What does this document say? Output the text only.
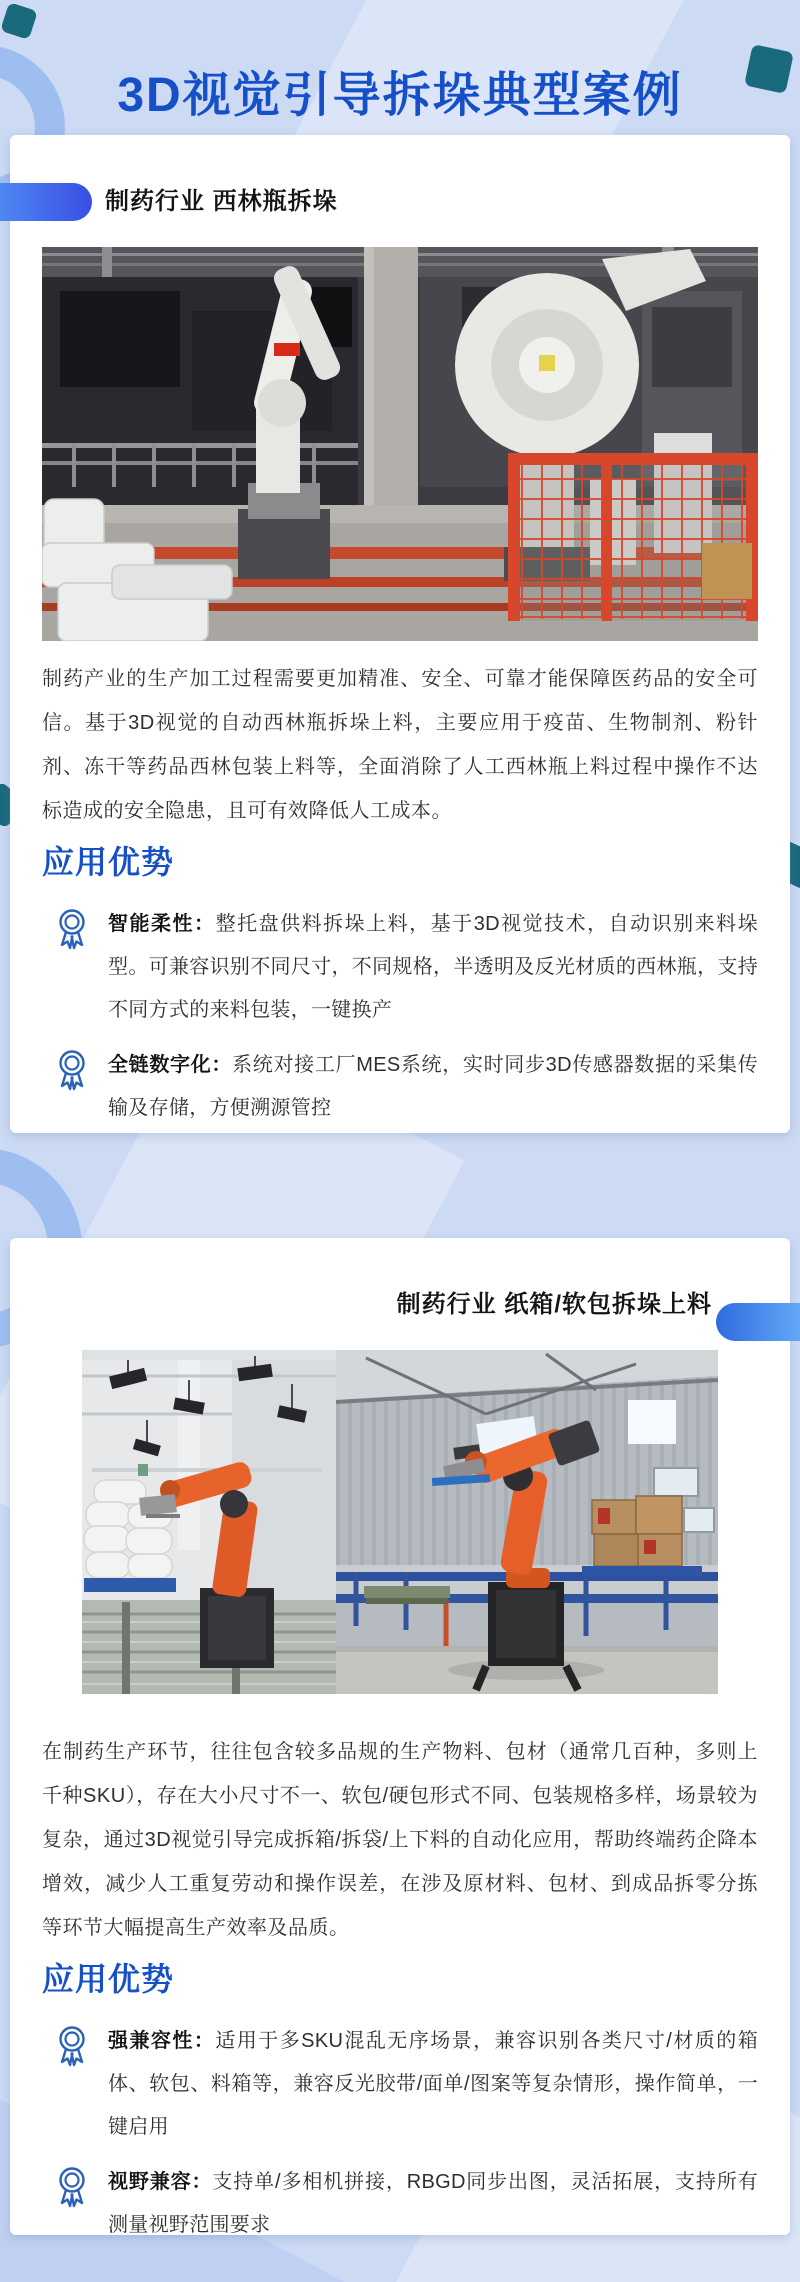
3D视觉引导拆垛典型案例
制药行业 西林瓶拆垛

制药产业的生产加工过程需要更加精准、安全、可靠才能保障医药品的安全可信。基于3D视觉的自动西林瓶拆垛上料，主要应用于疫苗、生物制剂、粉针剂、冻干等药品西林包装上料等，全面消除了人工西林瓶上料过程中操作不达标造成的安全隐患，且可有效降低人工成本。

应用优势

智能柔性：整托盘供料拆垛上料，基于3D视觉技术，自动识别来料垛型。可兼容识别不同尺寸，不同规格，半透明及反光材质的西林瓶，支持不同方式的来料包装，一键换产

全链数字化：系统对接工厂MES系统，实时同步3D传感器数据的采集传输及存储，方便溯源管控

制药行业 纸箱/软包拆垛上料

在制药生产环节，往往包含较多品规的生产物料、包材（通常几百种，多则上千种SKU），存在大小尺寸不一、软包/硬包形式不同、包装规格多样，场景较为复杂，通过3D视觉引导完成拆箱/拆袋/上下料的自动化应用，帮助终端药企降本增效，减少人工重复劳动和操作误差，在涉及原材料、包材、到成品拆零分拣等环节大幅提高生产效率及品质。

应用优势

强兼容性：适用于多SKU混乱无序场景，兼容识别各类尺寸/材质的箱体、软包、料箱等，兼容反光胶带/面单/图案等复杂情形，操作简单，一键启用

视野兼容：支持单/多相机拼接，RBGD同步出图，灵活拓展，支持所有测量视野范围要求
